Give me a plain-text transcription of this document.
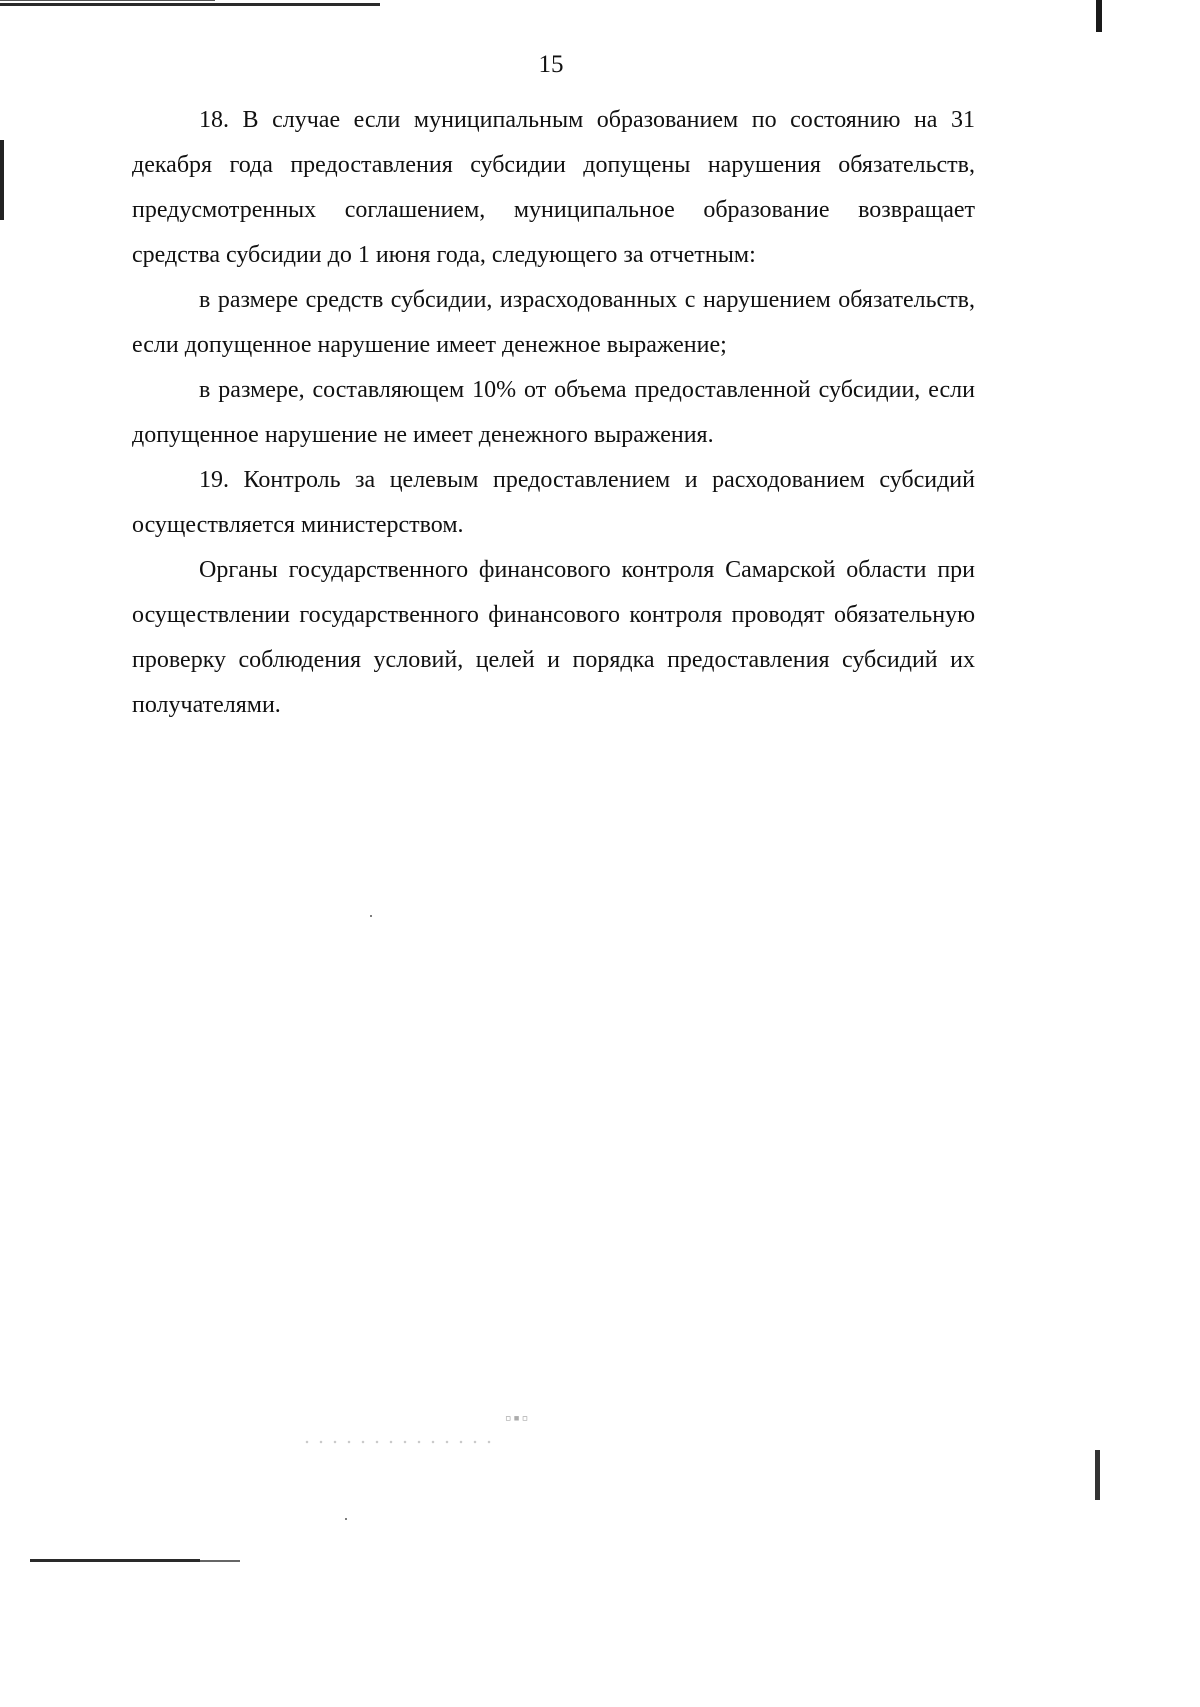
▫▪▫
15

18. В случае если муниципальным образованием по состоянию на 31 декабря года предоставления субсидии допущены нарушения обязательств, предусмотренных соглашением, муниципальное образование возвращает средства субсидии до 1 июня года, следующего за отчетным:

в размере средств субсидии, израсходованных с нарушением обязательств, если допущенное нарушение имеет денежное выражение;

в размере, составляющем 10% от объема предоставленной субсидии, если допущенное нарушение не имеет денежного выражения.

19. Контроль за целевым предоставлением и расходованием субсидий осуществляется министерством.

Органы государственного финансового контроля Самарской области при осуществлении государственного финансового контроля проводят обязательную проверку соблюдения условий, целей и порядка предоставления субсидий их получателями.
